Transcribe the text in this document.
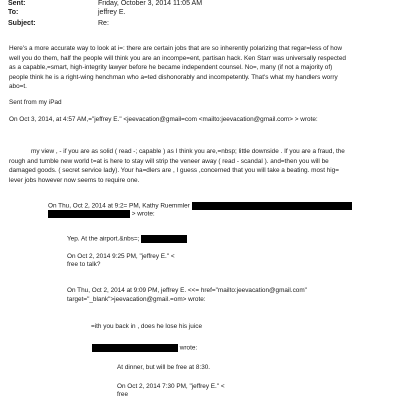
Sent:	Friday, October 3, 2014 11:05 AM
To:	jeffrey E.
Subject:	Re:
Here's a more accurate way to look at i=: there are certain jobs that are so inherently polarizing that regar=less of how
well you do them, half the people will think you are an incompe=ent, partisan hack. Ken Starr was universally respected
as a capable,=smart, high-integrity lawyer before he became independent counsel. No=, many (if not a majority of)
people think he is a right-wing henchman who a=ted dishonorably and incompetently. That's what my handlers worry
abo=t.
Sent from my iPad
On Oct 3, 2014, at 4:57 AM,="jeffrey E." <jeevacation@gmail=com <mailto:jeevacation@gmail.com> > wrote:
my view , - if you are as solid ( read -; capable ) as I think you are,=nbsp; little downside . If you are a fraud, the
rough and tumble new world t=at is here to stay will strip the veneer away ( read - scandal ). and=then you will be
damaged goods. ( secret service lady). Your ha=dlers are , I guess ,concerned that you will take a beating. most hig=
lever jobs however now seems to require one.
On Thu, Oct 2, 2014 at 9:2= PM, Kathy Ruemmler
> wrote:
Yep. At the airport.&nbs=;
On Oct 2, 2014 9:25 PM, "jeffrey E." <
free to talk?
On Thu, Oct 2, 2014 at 9:09 PM, jeffrey E. <<= href="mailto:jeevacation@gmail.com"
target="_blank">jeevacation@gmail.=om> wrote:
=ith you back in , does he lose his juice
wrote:
At dinner, but will be free at 8:30.
On Oct 2, 2014 7:30 PM, "jeffrey E." <
free
